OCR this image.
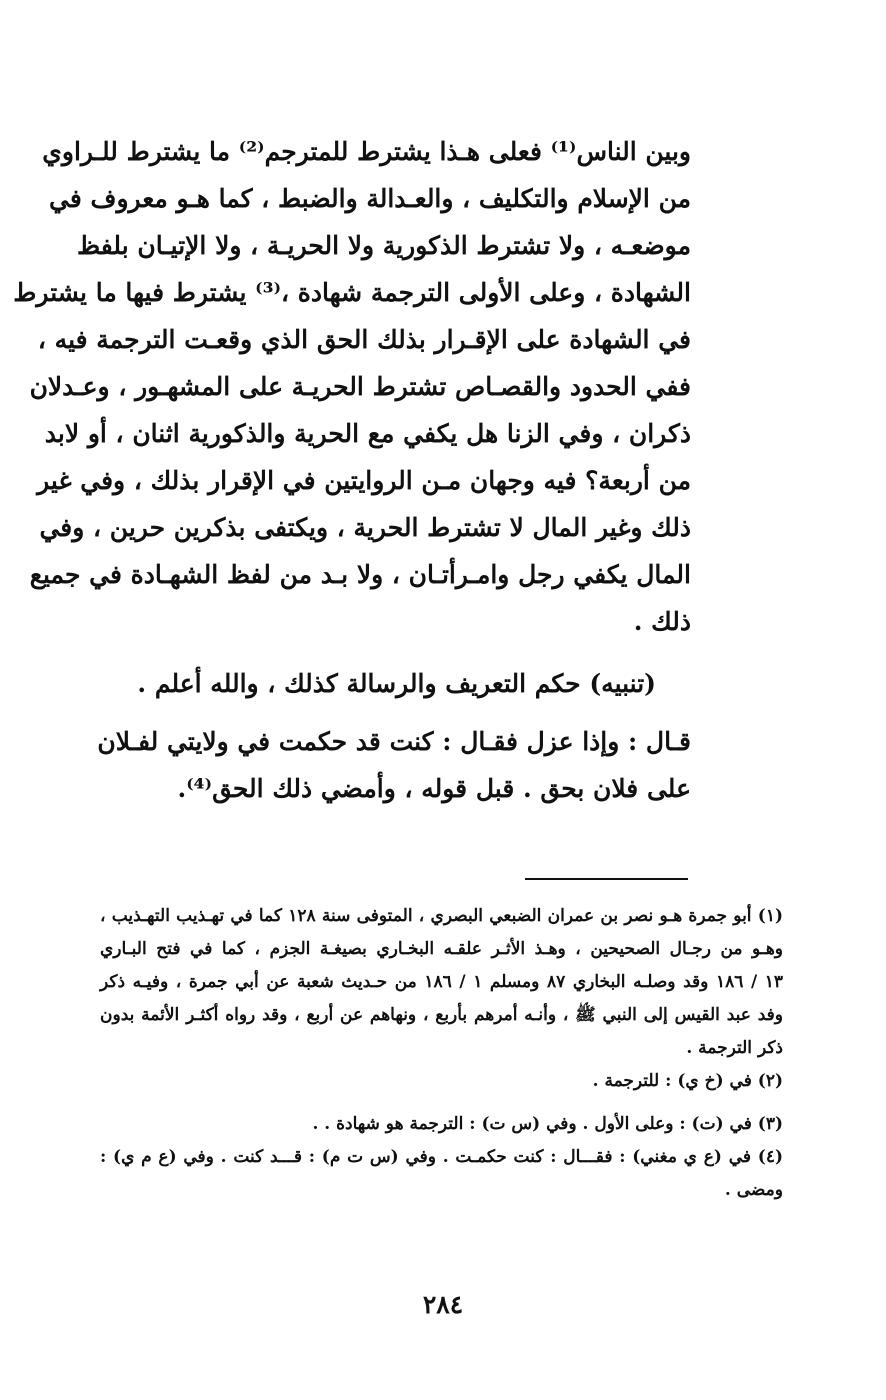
وبين الناس⁽¹⁾ فعلى هـذا يشترط للمترجم⁽²⁾ ما يشترط للـراوي
من الإسلام والتكليف ، والعـدالة والضبط ، كما هـو معروف في
موضعـه ، ولا تشترط الذكورية ولا الحريـة ، ولا الإتيـان بلفظ
الشهادة ، وعلى الأولى الترجمة شهادة ،⁽³⁾ يشترط فيها ما يشترط
في الشهادة على الإقـرار بذلك الحق الذي وقعـت الترجمة فيه ،
ففي الحدود والقصـاص تشترط الحريـة على المشهـور ، وعـدلان
ذكران ، وفي الزنا هل يكفي مع الحرية والذكورية اثنان ، أو لابد
من أربعة؟ فيه وجهان مـن الروايتين في الإقرار بذلك ، وفي غير
ذلك وغير المال لا تشترط الحرية ، ويكتفى بذكرين حرين ، وفي
المال يكفي رجل وامـرأتـان ، ولا بـد من لفظ الشهـادة في جميع
ذلك .
(تنبيه) حكم التعريف والرسالة كذلك ، والله أعلم .
قـال : وإذا عزل فقـال : كنت قد حكمت في ولايتي لفـلان
على فلان بحق . قبل قوله ، وأمضي ذلك الحق⁽⁴⁾.
(١) أبو جمرة هـو نصر بن عمران الضبعي البصري ، المتوفى سنة ١٢٨ كما في تهـذيب التهـذيب ،
وهـو من رجـال الصحيحين ، وهـذ الأثـر علقـه البخـاري بصيغـة الجزم ، كما في فتح البـاري
١٣ / ١٨٦ وقد وصلـه البخاري ٨٧ ومسلم ١ / ١٨٦ من حـديث شعبة عن أبي جمرة ، وفيـه ذكر
وفد عبد القيس إلى النبي ﷺ ، وأنـه أمرهم بأربع ، ونهاهم عن أربع ، وقد رواه أكثـر الأئمة بدون
ذكر الترجمة .
(٢) في (خ ي) : للترجمة .
(٣) في (ت) : وعلى الأول . وفي (س ت) : الترجمة هو شهادة . .
(٤) في (ع ي مغني) : فقـــال : كنت حكمـت . وفي (س ت م) : قـــد كنت . وفي (ع م ي) :
ومضى .
٢٨٤
